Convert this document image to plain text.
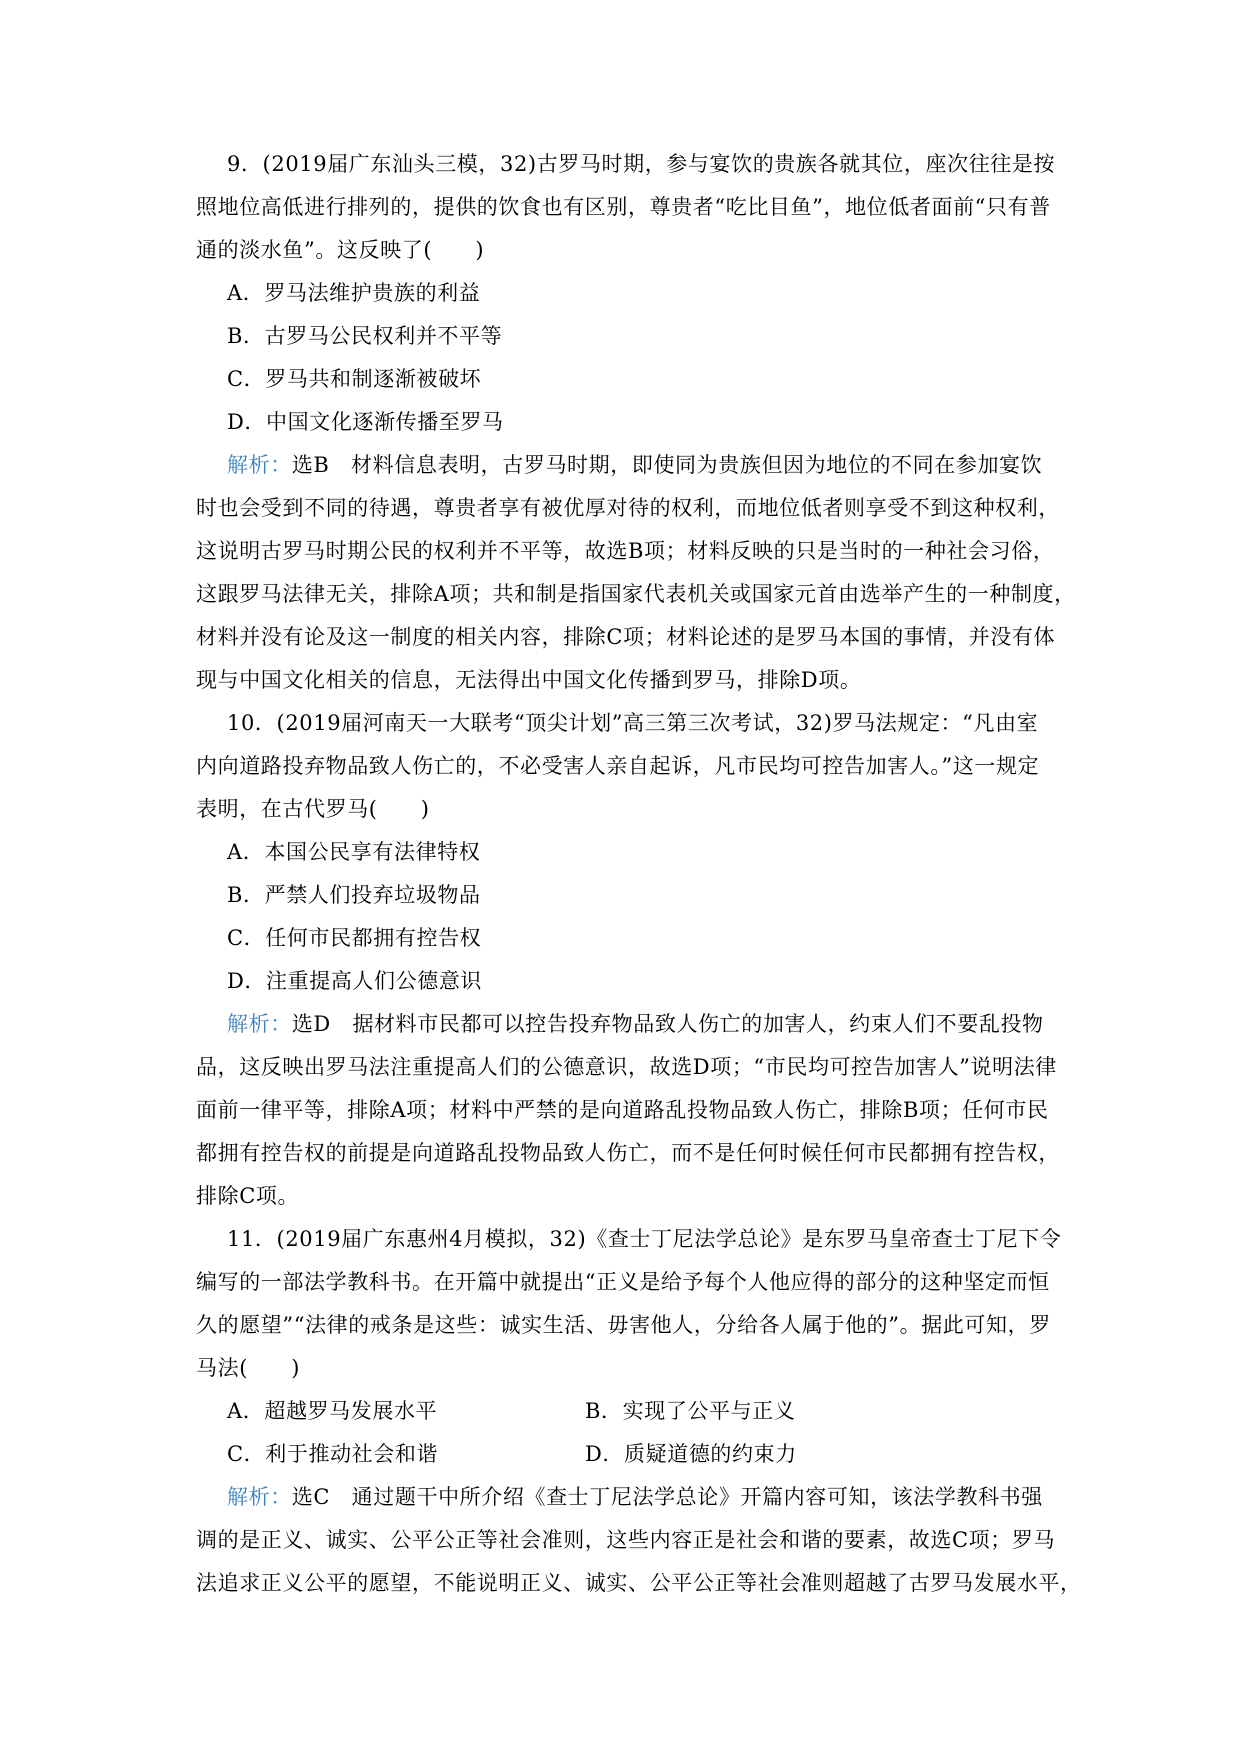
9．(2019届广东汕头三模，32)古罗马时期，参与宴饮的贵族各就其位，座次往往是按
照地位高低进行排列的，提供的饮食也有区别，尊贵者“吃比目鱼”，地位低者面前“只有普
通的淡水鱼”。这反映了(　　)
A．罗马法维护贵族的利益
B．古罗马公民权利并不平等
C．罗马共和制逐渐被破坏
D．中国文化逐渐传播至罗马
解析：选B　材料信息表明，古罗马时期，即使同为贵族但因为地位的不同在参加宴饮
时也会受到不同的待遇，尊贵者享有被优厚对待的权利，而地位低者则享受不到这种权利，
这说明古罗马时期公民的权利并不平等，故选B项；材料反映的只是当时的一种社会习俗，
这跟罗马法律无关，排除A项；共和制是指国家代表机关或国家元首由选举产生的一种制度，
材料并没有论及这一制度的相关内容，排除C项；材料论述的是罗马本国的事情，并没有体
现与中国文化相关的信息，无法得出中国文化传播到罗马，排除D项。
10．(2019届河南天一大联考“顶尖计划”高三第三次考试，32)罗马法规定：“凡由室
内向道路投弃物品致人伤亡的，不必受害人亲自起诉，凡市民均可控告加害人。”这一规定
表明，在古代罗马(　　)
A．本国公民享有法律特权
B．严禁人们投弃垃圾物品
C．任何市民都拥有控告权
D．注重提高人们公德意识
解析：选D　据材料市民都可以控告投弃物品致人伤亡的加害人，约束人们不要乱投物
品，这反映出罗马法注重提高人们的公德意识，故选D项；“市民均可控告加害人”说明法律
面前一律平等，排除A项；材料中严禁的是向道路乱投物品致人伤亡，排除B项；任何市民
都拥有控告权的前提是向道路乱投物品致人伤亡，而不是任何时候任何市民都拥有控告权，
排除C项。
11．(2019届广东惠州4月模拟，32)《查士丁尼法学总论》是东罗马皇帝查士丁尼下令
编写的一部法学教科书。在开篇中就提出“正义是给予每个人他应得的部分的这种坚定而恒
久的愿望”“法律的戒条是这些：诚实生活、毋害他人，分给各人属于他的”。据此可知，罗
马法(　　)
A．超越罗马发展水平	B．实现了公平与正义
C．利于推动社会和谐	D．质疑道德的约束力
解析：选C　通过题干中所介绍《查士丁尼法学总论》开篇内容可知，该法学教科书强
调的是正义、诚实、公平公正等社会准则，这些内容正是社会和谐的要素，故选C项；罗马
法追求正义公平的愿望，不能说明正义、诚实、公平公正等社会准则超越了古罗马发展水平，
